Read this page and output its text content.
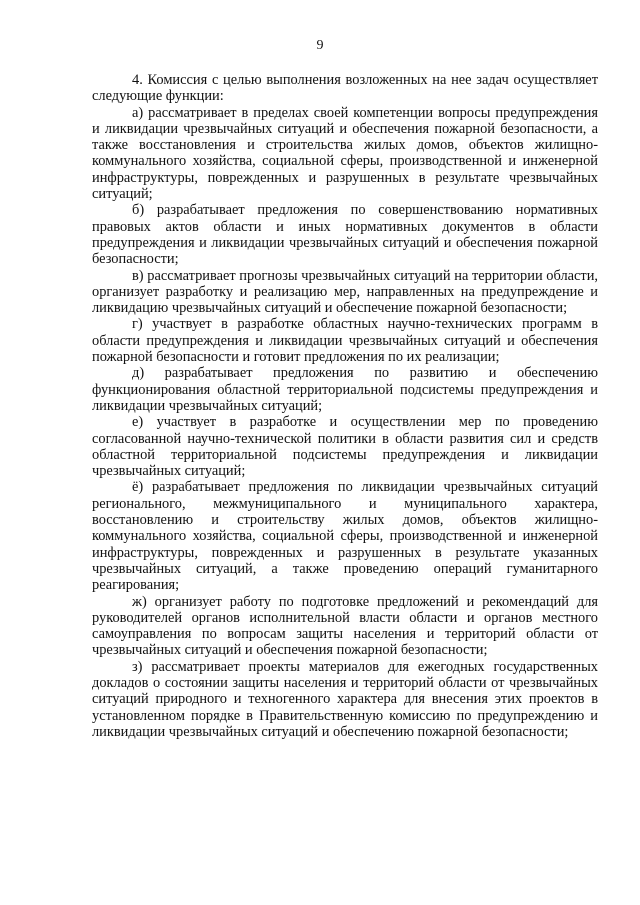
9

4. Комиссия с целью выполнения возложенных на нее задач осуществляет следующие функции:

а) рассматривает в пределах своей компетенции вопросы предупреждения и ликвидации чрезвычайных ситуаций и обеспечения пожарной безопасности, а также восстановления и строительства жилых домов, объектов жилищно-коммунального хозяйства, социальной сферы, производственной и инженерной инфраструктуры, поврежденных и разрушенных в результате чрезвычайных ситуаций;

б) разрабатывает предложения по совершенствованию нормативных правовых актов области и иных нормативных документов в области предупреждения и ликвидации чрезвычайных ситуаций и обеспечения пожарной безопасности;

в) рассматривает прогнозы чрезвычайных ситуаций на территории области, организует разработку и реализацию мер, направленных на предупреждение и ликвидацию чрезвычайных ситуаций и обеспечение пожарной безопасности;

г) участвует в разработке областных научно-технических программ в области предупреждения и ликвидации чрезвычайных ситуаций и обеспечения пожарной безопасности и готовит предложения по их реализации;

д) разрабатывает предложения по развитию и обеспечению функционирования областной территориальной подсистемы предупреждения и ликвидации чрезвычайных ситуаций;

е) участвует в разработке и осуществлении мер по проведению согласованной научно-технической политики в области развития сил и средств областной территориальной подсистемы предупреждения и ликвидации чрезвычайных ситуаций;

ё) разрабатывает предложения по ликвидации чрезвычайных ситуаций регионального, межмуниципального и муниципального характера, восстановлению и строительству жилых домов, объектов жилищно-коммунального хозяйства, социальной сферы, производственной и инженерной инфраструктуры, поврежденных и разрушенных в результате указанных чрезвычайных ситуаций, а также проведению операций гуманитарного реагирования;

ж) организует работу по подготовке предложений и рекомендаций для руководителей органов исполнительной власти области и органов местного самоуправления по вопросам защиты населения и территорий области от чрезвычайных ситуаций и обеспечения пожарной безопасности;

з) рассматривает проекты материалов для ежегодных государственных докладов о состоянии защиты населения и территорий области от чрезвычайных ситуаций природного и техногенного характера для внесения этих проектов в установленном порядке в Правительственную комиссию по предупреждению и ликвидации чрезвычайных ситуаций и обеспечению пожарной безопасности;
